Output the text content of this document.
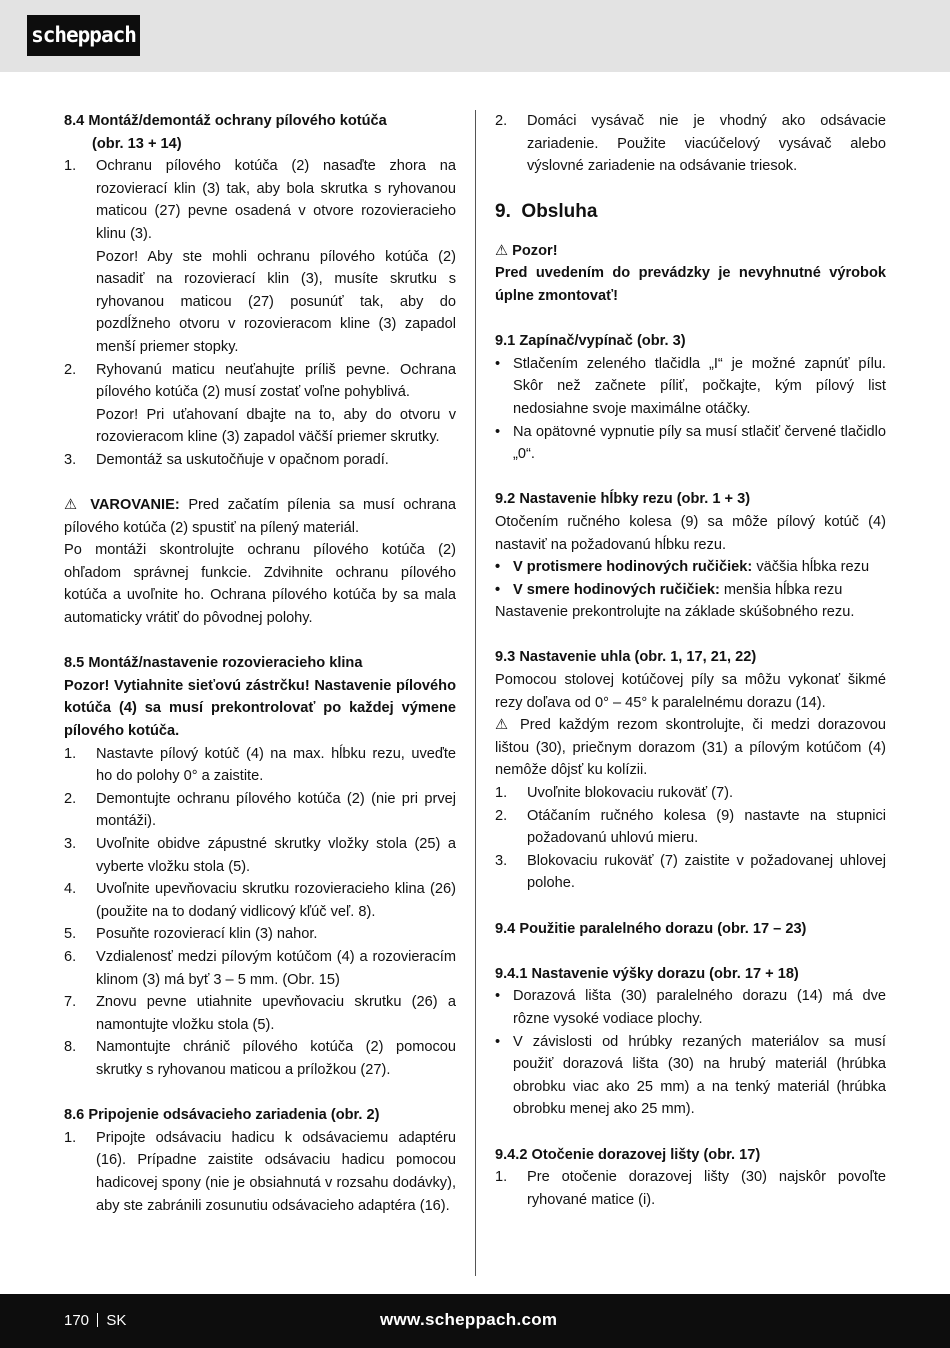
scheppach

8.4 Montáž/demontáž ochrany pílového kotúča
(obr. 13 + 14)

1.	Ochranu pílového kotúča (2) nasaďte zhora na rozovierací klin (3) tak, aby bola skrutka s ryhovanou maticou (27) pevne osadená v otvore rozovieracieho klinu (3).
Pozor! Aby ste mohli ochranu pílového kotúča (2) nasadiť na rozovierací klin (3), musíte skrutku s ryhovanou maticou (27) posunúť tak, aby do pozdĺžneho otvoru v rozovieracom kline (3) zapadol menší priemer stopky.
2.	Ryhovanú maticu neuťahujte príliš pevne. Ochrana pílového kotúča (2) musí zostať voľne pohyblivá.
Pozor! Pri uťahovaní dbajte na to, aby do otvoru v rozovieracom kline (3) zapadol väčší priemer skrutky.
3.	Demontáž sa uskutočňuje v opačnom poradí.

⚠ VAROVANIE: Pred začatím pílenia sa musí ochrana pílového kotúča (2) spustiť na pílený materiál.

Po montáži skontrolujte ochranu pílového kotúča (2) ohľadom správnej funkcie. Zdvihnite ochranu pílového kotúča a uvoľnite ho. Ochrana pílového kotúča by sa mala automaticky vrátiť do pôvodnej polohy.

8.5 Montáž/nastavenie rozovieracieho klina

Pozor! Vytiahnite sieťovú zástrčku! Nastavenie pílového kotúča (4) sa musí prekontrolovať po každej výmene pílového kotúča.

1.	Nastavte pílový kotúč (4) na max. hĺbku rezu, uveďte ho do polohy 0° a zaistite.
2.	Demontujte ochranu pílového kotúča (2) (nie pri prvej montáži).
3.	Uvoľnite obidve zápustné skrutky vložky stola (25) a vyberte vložku stola (5).
4.	Uvoľnite upevňovaciu skrutku rozovieracieho klina (26) (použite na to dodaný vidlicový kľúč veľ. 8).
5.	Posuňte rozovierací klin (3) nahor.
6.	Vzdialenosť medzi pílovým kotúčom (4) a rozovieracím klinom (3) má byť 3 – 5 mm. (Obr. 15)
7.	Znovu pevne utiahnite upevňovaciu skrutku (26) a namontujte vložku stola (5).
8.	Namontujte chránič pílového kotúča (2) pomocou skrutky s ryhovanou maticou a príložkou (27).

8.6 Pripojenie odsávacieho zariadenia (obr. 2)

1.	Pripojte odsávaciu hadicu k odsávaciemu adaptéru (16). Prípadne zaistite odsávaciu hadicu pomocou hadicovej spony (nie je obsiahnutá v rozsahu dodávky), aby ste zabránili zosunutiu odsávacieho adaptéra (16).
2.	Domáci vysávač nie je vhodný ako odsávacie zariadenie. Použite viacúčelový vysávač alebo výslovné zariadenie na odsávanie triesok.

9. Obsluha

⚠ Pozor!

Pred uvedením do prevádzky je nevyhnutné výrobok úplne zmontovať!

9.1 Zapínač/vypínač (obr. 3)

• Stlačením zeleného tlačidla „I“ je možné zapnúť pílu. Skôr než začnete píliť, počkajte, kým pílový list nedosiahne svoje maximálne otáčky.
• Na opätovné vypnutie píly sa musí stlačiť červené tlačidlo „0“.

9.2 Nastavenie hĺbky rezu (obr. 1 + 3)

Otočením ručného kolesa (9) sa môže pílový kotúč (4) nastaviť na požadovanú hĺbku rezu.

• V protismere hodinových ručičiek: väčšia hĺbka rezu
• V smere hodinových ručičiek: menšia hĺbka rezu

Nastavenie prekontrolujte na základe skúšobného rezu.

9.3 Nastavenie uhla (obr. 1, 17, 21, 22)

Pomocou stolovej kotúčovej píly sa môžu vykonať šikmé rezy doľava od 0° – 45° k paralelnému dorazu (14).

⚠ Pred každým rezom skontrolujte, či medzi dorazovou lištou (30), priečnym dorazom (31) a pílovým kotúčom (4) nemôže dôjsť ku kolízii.

1.	Uvoľnite blokovaciu rukoväť (7).
2.	Otáčaním ručného kolesa (9) nastavte na stupnici požadovanú uhlovú mieru.
3.	Blokovaciu rukoväť (7) zaistite v požadovanej uhlovej polohe.

9.4 Použitie paralelného dorazu (obr. 17 – 23)

9.4.1 Nastavenie výšky dorazu (obr. 17 + 18)

• Dorazová lišta (30) paralelného dorazu (14) má dve rôzne vysoké vodiace plochy.
• V závislosti od hrúbky rezaných materiálov sa musí použiť dorazová lišta (30) na hrubý materiál (hrúbka obrobku viac ako 25 mm) a na tenký materiál (hrúbka obrobku menej ako 25 mm).

9.4.2 Otočenie dorazovej lišty (obr. 17)

1.	Pre otočenie dorazovej lišty (30) najskôr povoľte ryhované matice (i).
170 SK	www.scheppach.com
